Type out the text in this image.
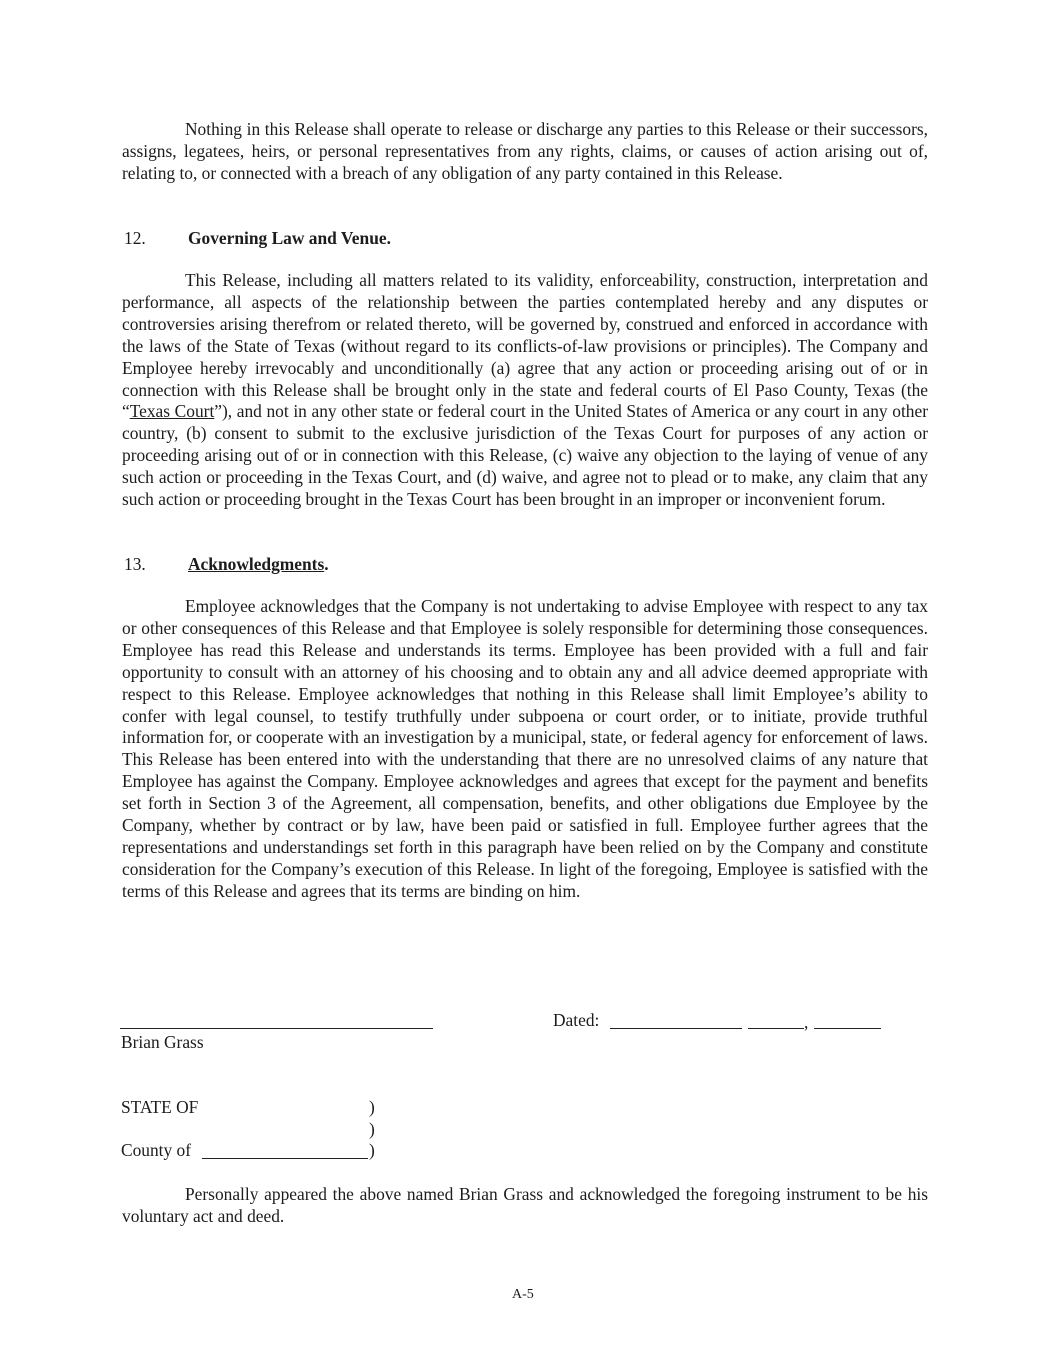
Nothing in this Release shall operate to release or discharge any parties to this Release or their successors, assigns, legatees, heirs, or personal representatives from any rights, claims, or causes of action arising out of, relating to, or connected with a breach of any obligation of any party contained in this Release.

12. Governing Law and Venue.

This Release, including all matters related to its validity, enforceability, construction, interpretation and performance, all aspects of the relationship between the parties contemplated hereby and any disputes or controversies arising therefrom or related thereto, will be governed by, construed and enforced in accordance with the laws of the State of Texas (without regard to its conflicts-of-law provisions or principles). The Company and Employee hereby irrevocably and unconditionally (a) agree that any action or proceeding arising out of or in connection with this Release shall be brought only in the state and federal courts of El Paso County, Texas (the “Texas Court”), and not in any other state or federal court in the United States of America or any court in any other country, (b) consent to submit to the exclusive jurisdiction of the Texas Court for purposes of any action or proceeding arising out of or in connection with this Release, (c) waive any objection to the laying of venue of any such action or proceeding in the Texas Court, and (d) waive, and agree not to plead or to make, any claim that any such action or proceeding brought in the Texas Court has been brought in an improper or inconvenient forum.

13. Acknowledgments.

Employee acknowledges that the Company is not undertaking to advise Employee with respect to any tax or other consequences of this Release and that Employee is solely responsible for determining those consequences. Employee has read this Release and understands its terms. Employee has been provided with a full and fair opportunity to consult with an attorney of his choosing and to obtain any and all advice deemed appropriate with respect to this Release. Employee acknowledges that nothing in this Release shall limit Employee’s ability to confer with legal counsel, to testify truthfully under subpoena or court order, or to initiate, provide truthful information for, or cooperate with an investigation by a municipal, state, or federal agency for enforcement of laws. This Release has been entered into with the understanding that there are no unresolved claims of any nature that Employee has against the Company. Employee acknowledges and agrees that except for the payment and benefits set forth in Section 3 of the Agreement, all compensation, benefits, and other obligations due Employee by the Company, whether by contract or by law, have been paid or satisfied in full. Employee further agrees that the representations and understandings set forth in this paragraph have been relied on by the Company and constitute consideration for the Company’s execution of this Release. In light of the foregoing, Employee is satisfied with the terms of this Release and agrees that its terms are binding on him.

Brian Grass
Dated:	,
STATE OF	)
)
County of	)

Personally appeared the above named Brian Grass and acknowledged the foregoing instrument to be his voluntary act and deed.

A-5
